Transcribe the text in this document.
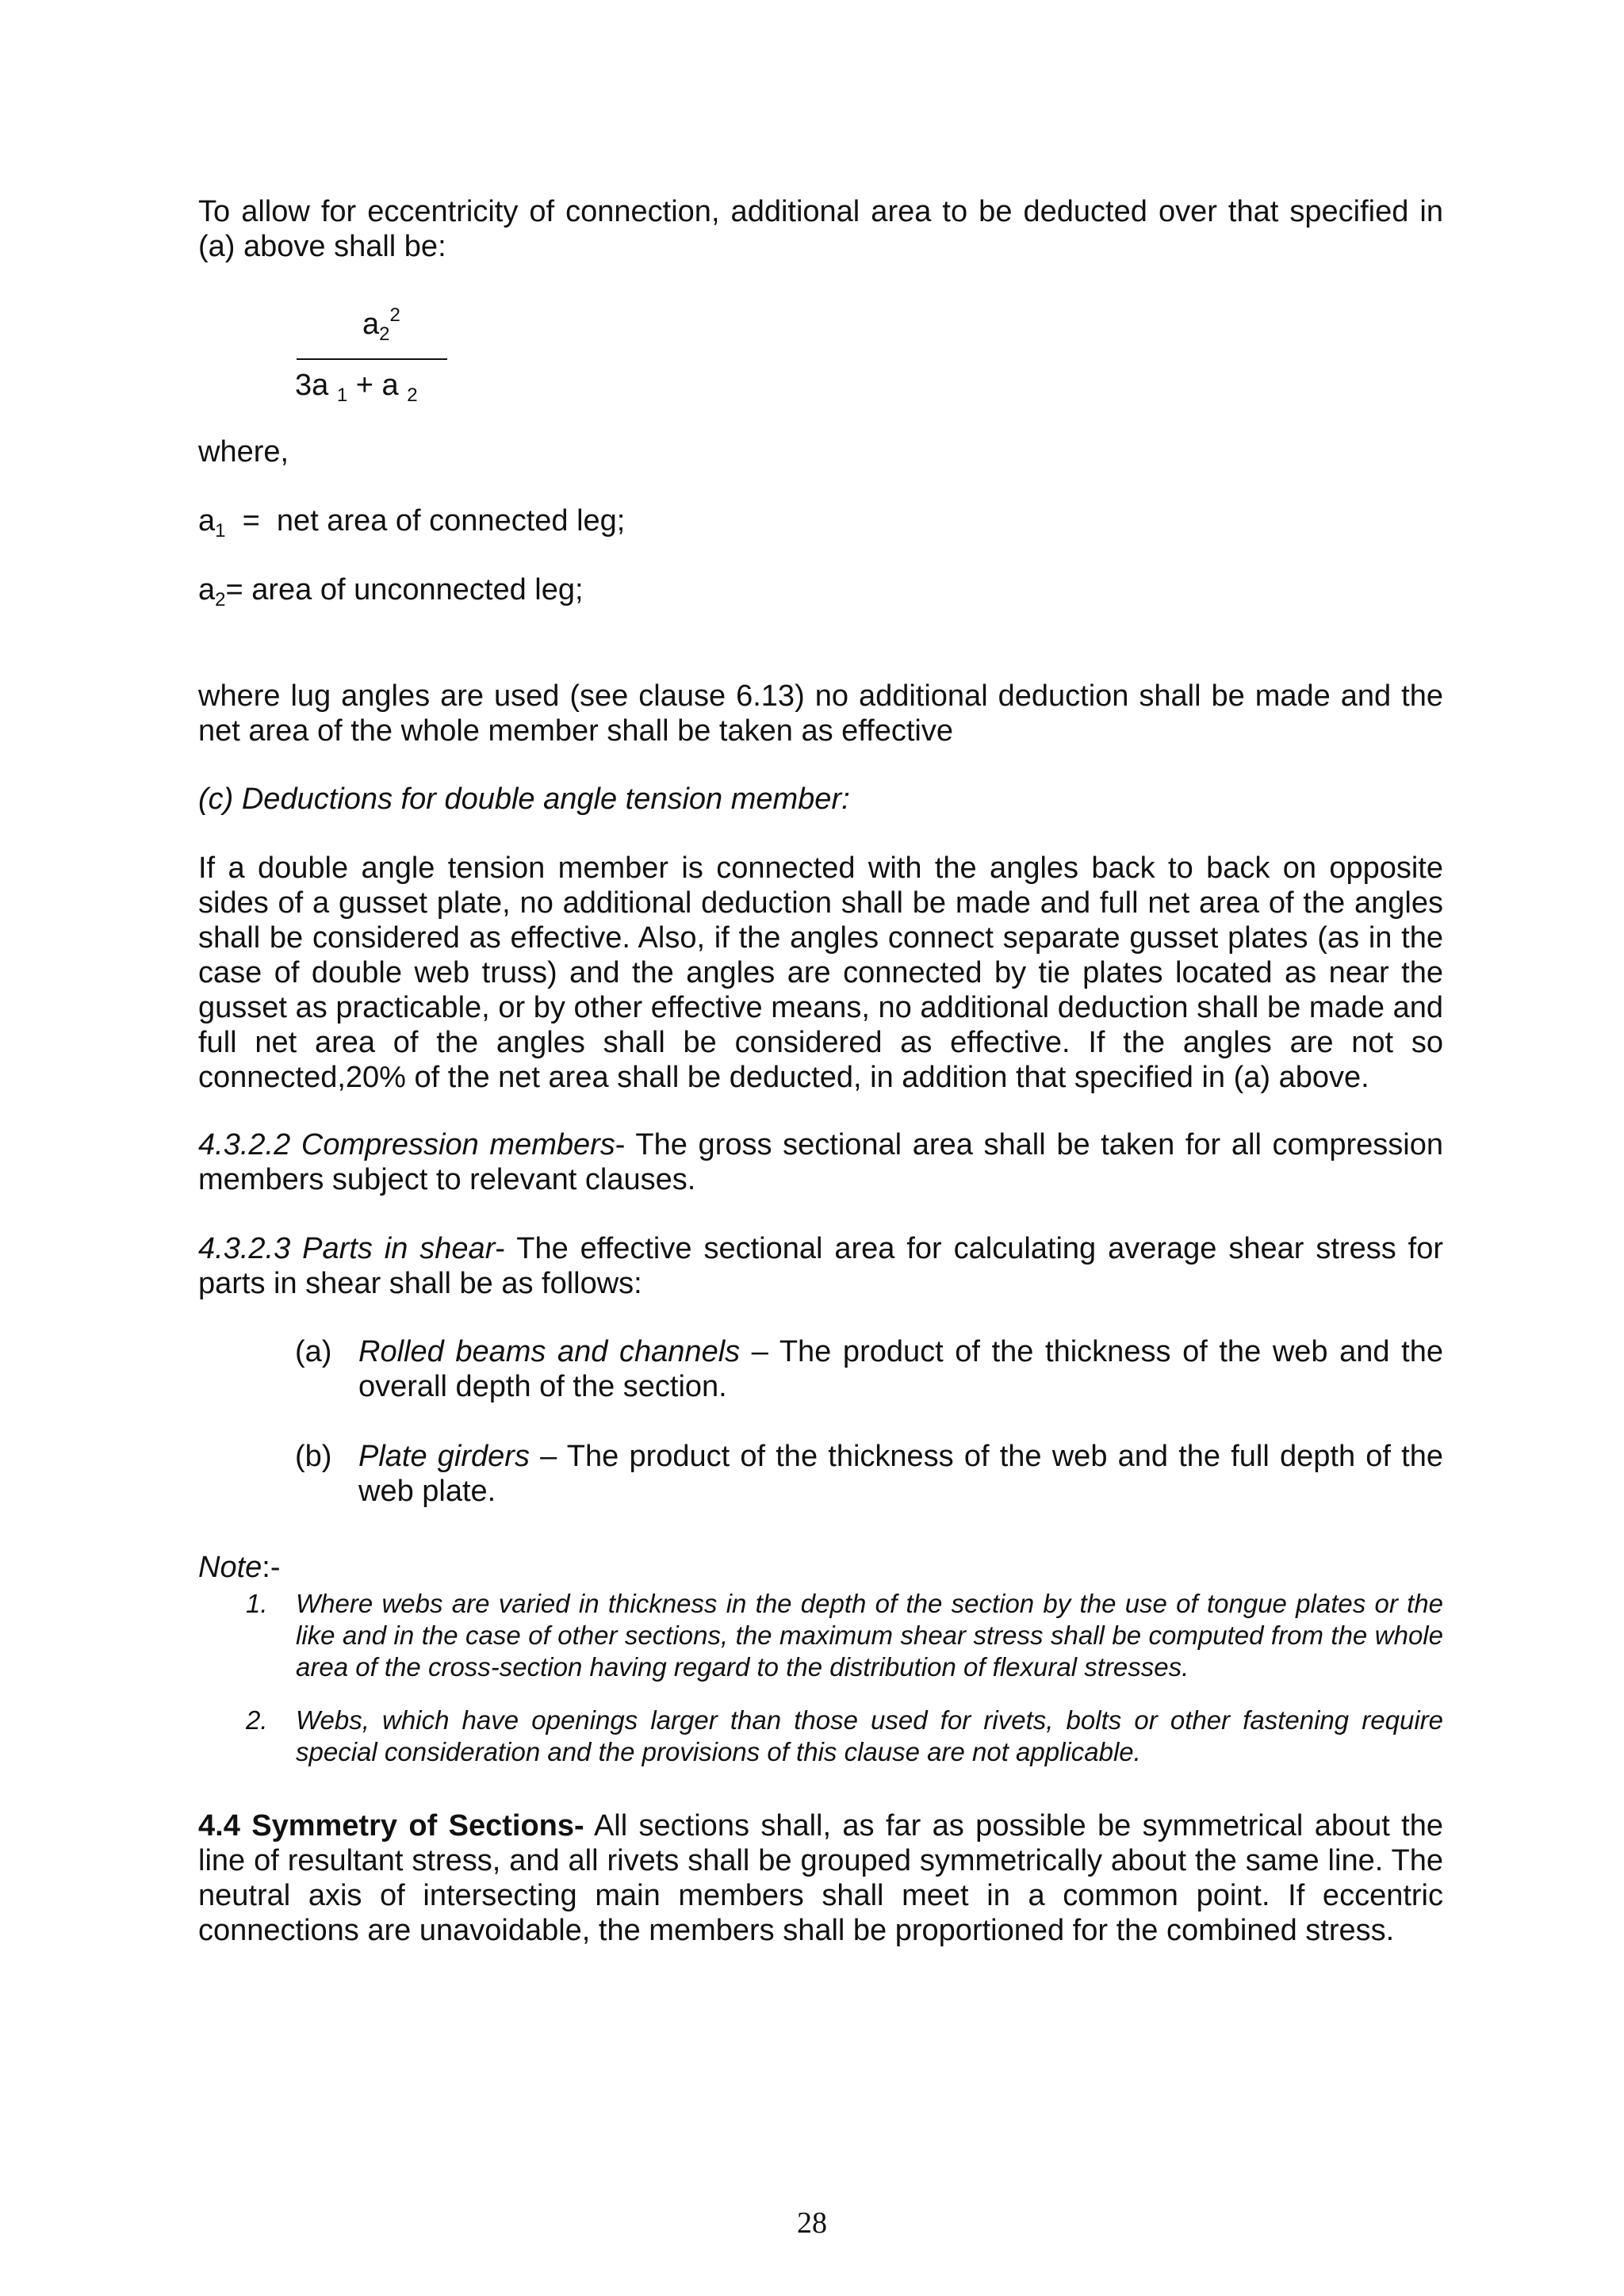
To allow for eccentricity of connection, additional area to be deducted over that specified in (a) above shall be:

$a_2^2$
3a $_1$ + a $_2$

where,

$a_1$  =  net area of connected leg;

$a_2=$ area of unconnected leg;

where lug angles are used (see clause 6.13) no additional deduction shall be made and the net area of the whole member shall be taken as effective

(c) Deductions for double angle tension member:

If a double angle tension member is connected with the angles back to back on opposite sides of a gusset plate, no additional deduction shall be made and full net area of the angles shall be considered as effective. Also, if the angles connect separate gusset plates (as in the case of double web truss) and the angles are connected by tie plates located as near the gusset as practicable, or by other effective means, no additional deduction shall be made and full net area of the angles shall be considered as effective. If the angles are not so connected,20% of the net area shall be deducted, in addition that specified in (a) above.

4.3.2.2 Compression members- The gross sectional area shall be taken for all compression members subject to relevant clauses.

4.3.2.3 Parts in shear- The effective sectional area for calculating average shear stress for parts in shear shall be as follows:

(a) Rolled beams and channels – The product of the thickness of the web and the overall depth of the section.

(b) Plate girders – The product of the thickness of the web and the full depth of the web plate.

Note:-
1. Where webs are varied in thickness in the depth of the section by the use of tongue plates or the like and in the case of other sections, the maximum shear stress shall be computed from the whole area of the cross-section having regard to the distribution of flexural stresses.

2. Webs, which have openings larger than those used for rivets, bolts or other fastening require special consideration and the provisions of this clause are not applicable.

4.4 Symmetry of Sections- All sections shall, as far as possible be symmetrical about the line of resultant stress, and all rivets shall be grouped symmetrically about the same line. The neutral axis of intersecting main members shall meet in a common point. If eccentric connections are unavoidable, the members shall be proportioned for the combined stress.

28
